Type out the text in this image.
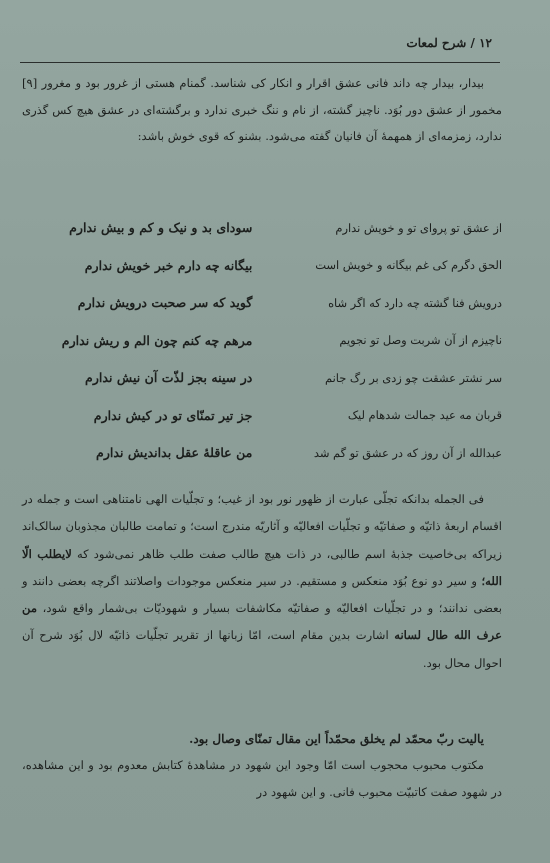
۱۲ / شرح لمعات

بیدار، بیدار چه داند فانی عشق اقرار و انکار کی شناسد. گمنام هستی از غرور بود و مغرور [۹] مخمور از عشق دور بُوَد. ناچیز گشته، از نام و ننگ خبری ندارد و برگشته‌ای در عشق هیچ کس گذری ندارد، زمزمه‌ای از همهمهٔ آن فانیان گفته می‌شود. بشنو که قوی خوش باشد:

از عشق تو پروای تو و خویش ندارم
سودای بد و نیک و کم و بیش ندارم
الحق دگرم کی غم بیگانه و خویش است
بیگانه چه دارم خبر خویش ندارم
درویش فنا گشته چه دارد که اگر شاه
گوید که سر صحبت درویش ندارم
ناچیزم از آن شربت وصل تو نجویم
مرهم چه کنم چون الم و ریش ندارم
سر نشتر عشقت چو زدی بر رگ جانم
در سینه بجز لذّت آن نیش ندارم
قربان مه عید جمالت شدهام لیک
جز تیر تمنّای تو در کیش ندارم
عبدالله از آن روز که در عشق تو گم شد
من عاقلهٔ عقل بداندیش ندارم

فی الجمله بدانکه تجلّی عبارت از ظهور نور بود از غیب؛ و تجلّیات الهی نامتناهی است و جمله در اقسام اربعهٔ ذاتیّه و صفاتیّه و تجلّیات افعالیّه و آثاریّه مندرج است؛ و تمامت طالبان مجذوبان سالک‌اند زیراکه بی‌خاصیت جذبهٔ اسم طالبی، در ذات هیچ طالب صفت طلب ظاهر نمی‌شود که لایطلب الّا الله؛ و سیر دو نوع بُوَد منعکس و مستقیم. در سیر منعکس موجودات واصلاتند اگرچه بعضی دانند و بعضی ندانند؛ و در تجلّیات افعالیّه و صفاتیّه مکاشفات بسیار و شهودیّات بی‌شمار واقع شود، من عرف الله طال لسانه اشارت بدین مقام است، امّا زبانها از تقریر تجلّیات ذاتیّه لال بُوَد شرح آن احوال محال بود.

یالیت ربّ محمّد لم یخلق محمّداً این مقال تمنّای وصال بود.

مکتوب محبوب محجوب است امّا وجود این شهود در مشاهدهٔ کتابش معدوم بود و این مشاهده، در شهود صفت کاتبیّت محبوب فانی. و این شهود در
